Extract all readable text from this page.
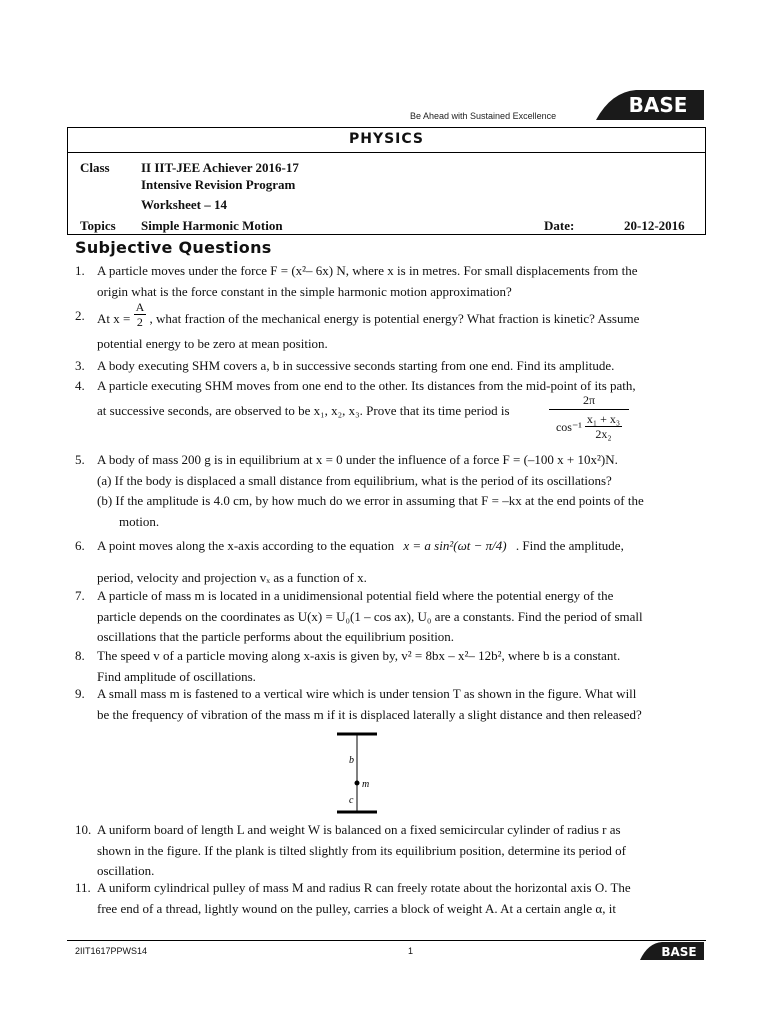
Be Ahead with Sustained Excellence	BASE
PHYSICS
Class II IIT-JEE Achiever 2016-17
Intensive Revision Program
Worksheet – 14
Topics Simple Harmonic Motion	Date:	20-12-2016
Subjective Questions
1. A particle moves under the force F = (x²– 6x) N, where x is in metres. For small displacements from the
origin what is the force constant in the simple harmonic motion approximation?
2. At $x = \frac{A}{2}$ , what fraction of the mechanical energy is potential energy? What fraction is kinetic? Assume
potential energy to be zero at mean position.
3. A body executing SHM covers a, b in successive seconds starting from one end. Find its amplitude.
4. A particle executing SHM moves from one end to the other. Its distances from the mid-point of its path,
at successive seconds, are observed to be x₁, x₂, x₃. Prove that its time period is
2π
$\cos^{-1} \frac{\text{x₁ + x₃}}{\text{2x₂}}$
5. A body of mass 200 g is in equilibrium at x = 0 under the influence of a force F = (–100 x + 10x²)N.
(a) If the body is displaced a small distance from equilibrium, what is the period of its oscillations?
(b) If the amplitude is 4.0 cm, by how much do we error in assuming that F = –kx at the end points of the
motion.
6. A point moves along the x-axis according to the equation x = a sin²(ωt − π/4) . Find the amplitude,
period, velocity and projection vₓ as a function of x.
7. A particle of mass m is located in a unidimensional potential field where the potential energy of the
particle depends on the coordinates as U(x) = U₀(1 – cos ax), U₀ are a constants. Find the period of small
oscillations that the particle performs about the equilibrium position.
8. The speed v of a particle moving along x-axis is given by, v² = 8bx – x²– 12b², where b is a constant.
Find amplitude of oscillations.
9. A small mass m is fastened to a vertical wire which is under tension T as shown in the figure. What will
be the frequency of vibration of the mass m if it is displaced laterally a slight distance and then released?
b
m
c
10. A uniform board of length L and weight W is balanced on a fixed semicircular cylinder of radius r as
shown in the figure. If the plank is tilted slightly from its equilibrium position, determine its period of
oscillation.
11. A uniform cylindrical pulley of mass M and radius R can freely rotate about the horizontal axis O. The
free end of a thread, lightly wound on the pulley, carries a block of weight A. At a certain angle α, it
2IIT1617PPWS14	1	BASE
